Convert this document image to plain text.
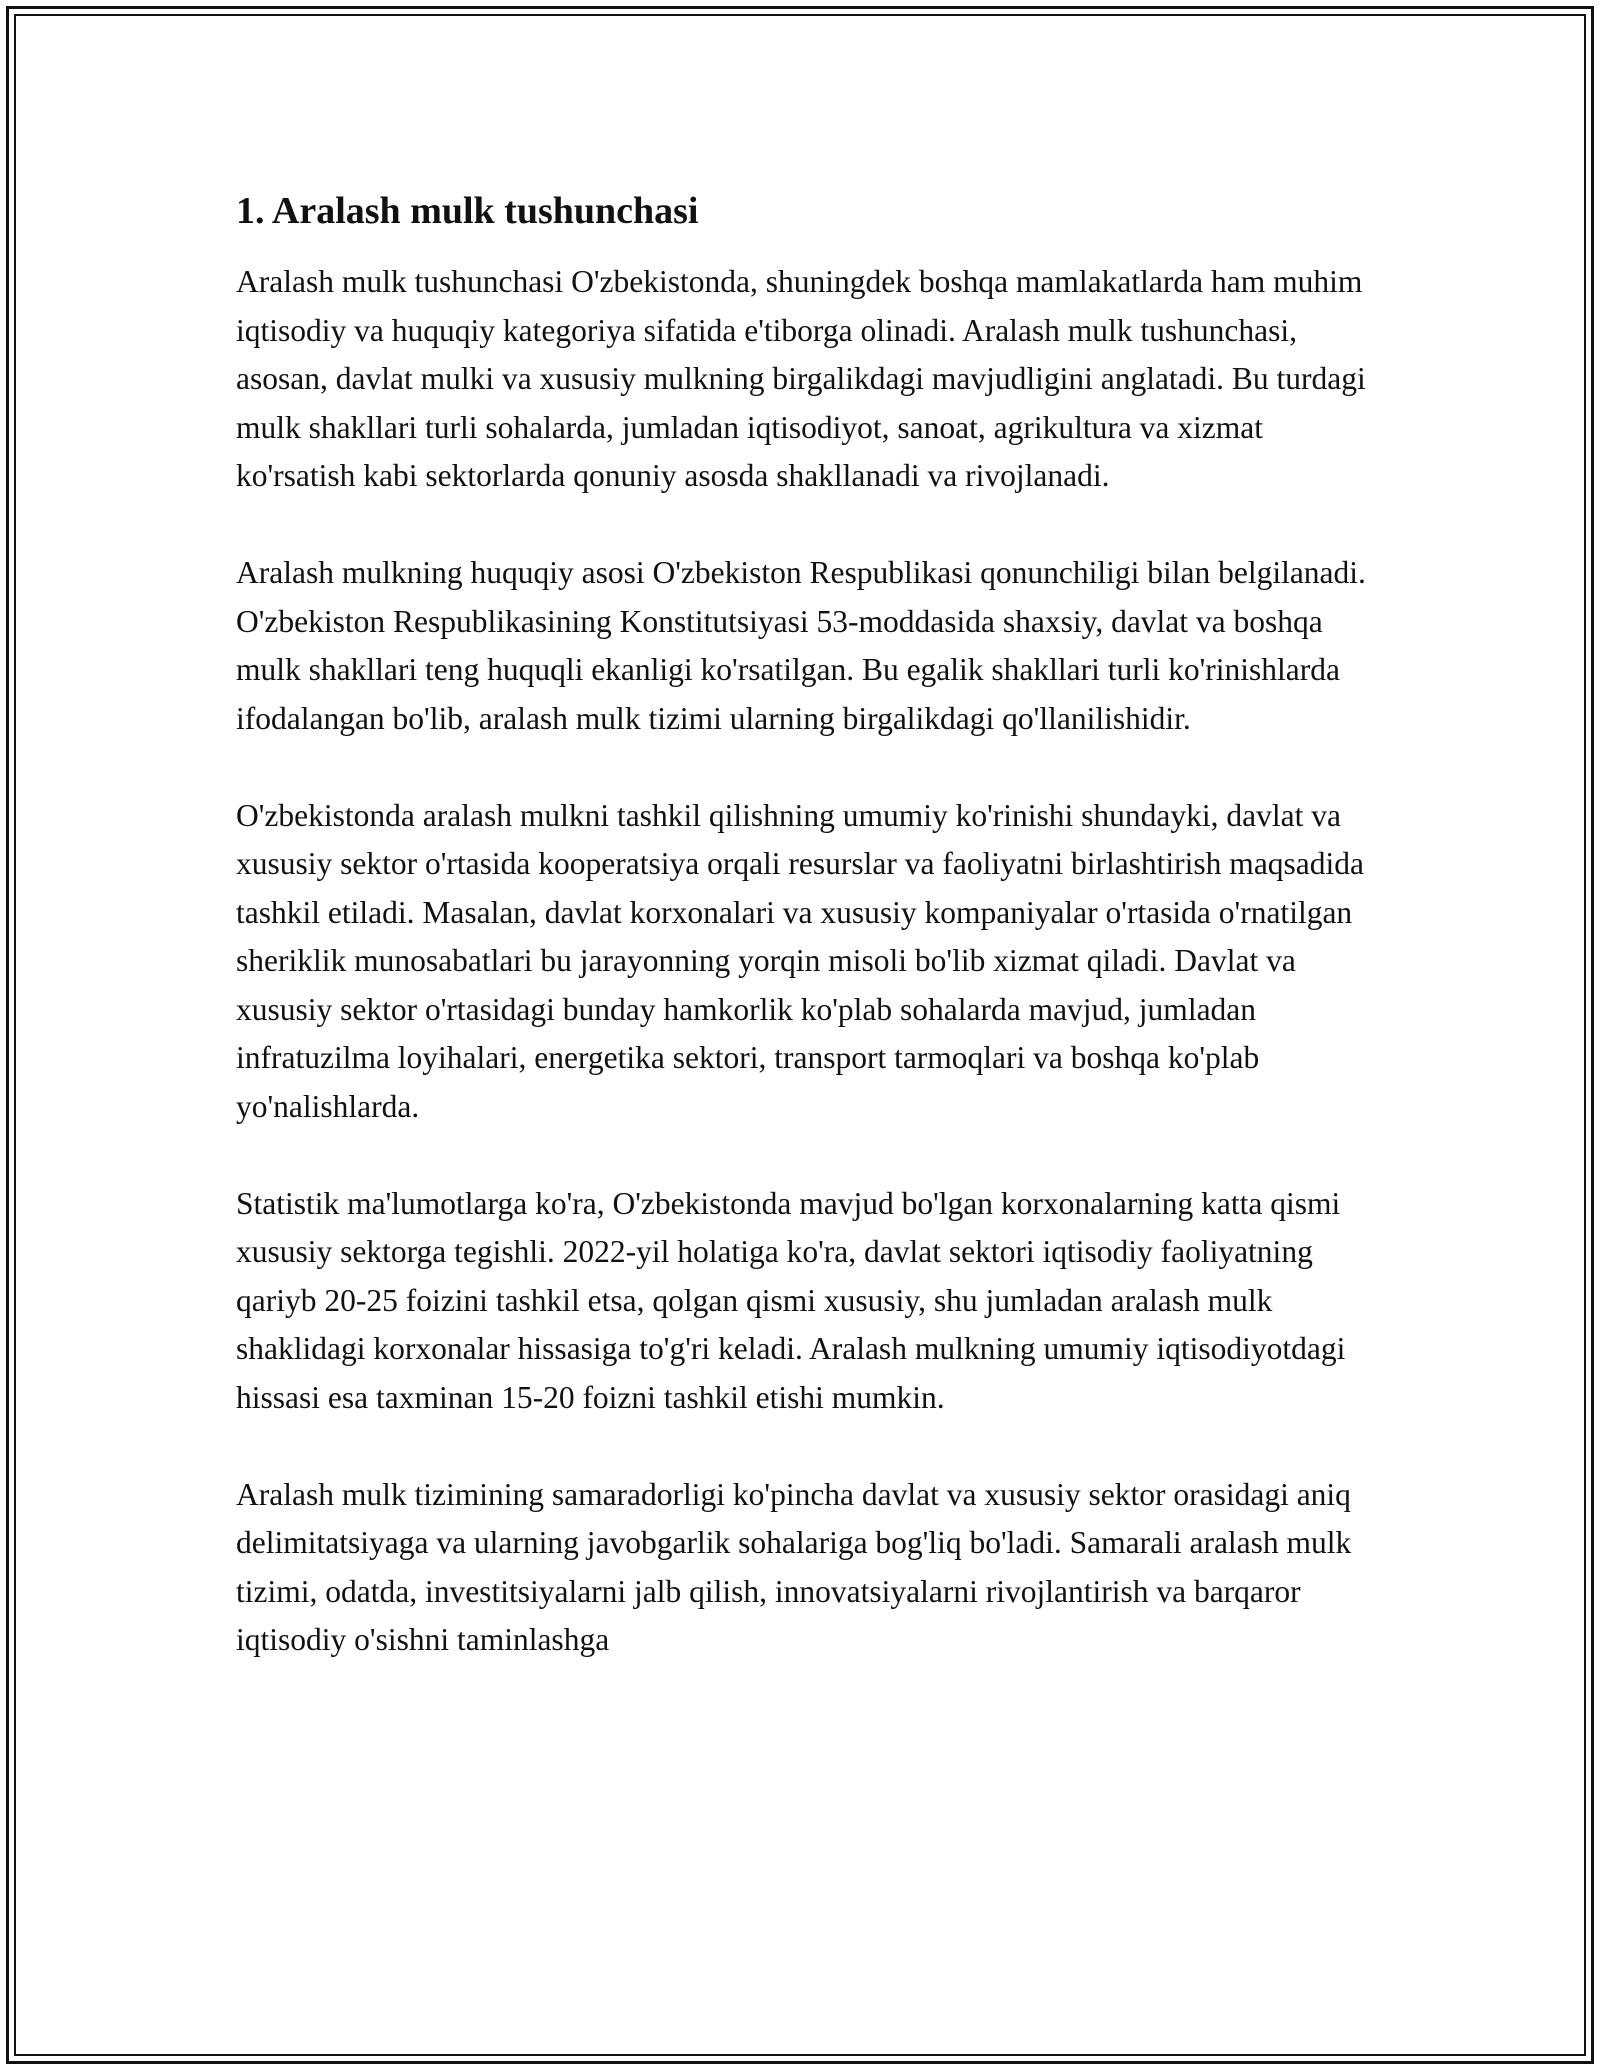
1. Aralash mulk tushunchasi

Aralash mulk tushunchasi O'zbekistonda, shuningdek boshqa mamlakatlarda ham muhim iqtisodiy va huquqiy kategoriya sifatida e'tiborga olinadi. Aralash mulk tushunchasi, asosan, davlat mulki va xususiy mulkning birgalikdagi mavjudligini anglatadi. Bu turdagi mulk shakllari turli sohalarda, jumladan iqtisodiyot, sanoat, agrikultura va xizmat ko'rsatish kabi sektorlarda qonuniy asosda shakllanadi va rivojlanadi.

Aralash mulkning huquqiy asosi O'zbekiston Respublikasi qonunchiligi bilan belgilanadi. O'zbekiston Respublikasining Konstitutsiyasi 53-moddasida shaxsiy, davlat va boshqa mulk shakllari teng huquqli ekanligi ko'rsatilgan. Bu egalik shakllari turli ko'rinishlarda ifodalangan bo'lib, aralash mulk tizimi ularning birgalikdagi qo'llanilishidir.

O'zbekistonda aralash mulkni tashkil qilishning umumiy ko'rinishi shundayki, davlat va xususiy sektor o'rtasida kooperatsiya orqali resurslar va faoliyatni birlashtirish maqsadida tashkil etiladi. Masalan, davlat korxonalari va xususiy kompaniyalar o'rtasida o'rnatilgan sheriklik munosabatlari bu jarayonning yorqin misoli bo'lib xizmat qiladi. Davlat va xususiy sektor o'rtasidagi bunday hamkorlik ko'plab sohalarda mavjud, jumladan infratuzilma loyihalari, energetika sektori, transport tarmoqlari va boshqa ko'plab yo'nalishlarda.

Statistik ma'lumotlarga ko'ra, O'zbekistonda mavjud bo'lgan korxonalarning katta qismi xususiy sektorga tegishli. 2022-yil holatiga ko'ra, davlat sektori iqtisodiy faoliyatning qariyb 20-25 foizini tashkil etsa, qolgan qismi xususiy, shu jumladan aralash mulk shaklidagi korxonalar hissasiga to'g'ri keladi. Aralash mulkning umumiy iqtisodiyotdagi hissasi esa taxminan 15-20 foizni tashkil etishi mumkin.

Aralash mulk tizimining samaradorligi ko'pincha davlat va xususiy sektor orasidagi aniq delimitatsiyaga va ularning javobgarlik sohalariga bog'liq bo'ladi. Samarali aralash mulk tizimi, odatda, investitsiyalarni jalb qilish, innovatsiyalarni rivojlantirish va barqaror iqtisodiy o'sishni taminlashga
